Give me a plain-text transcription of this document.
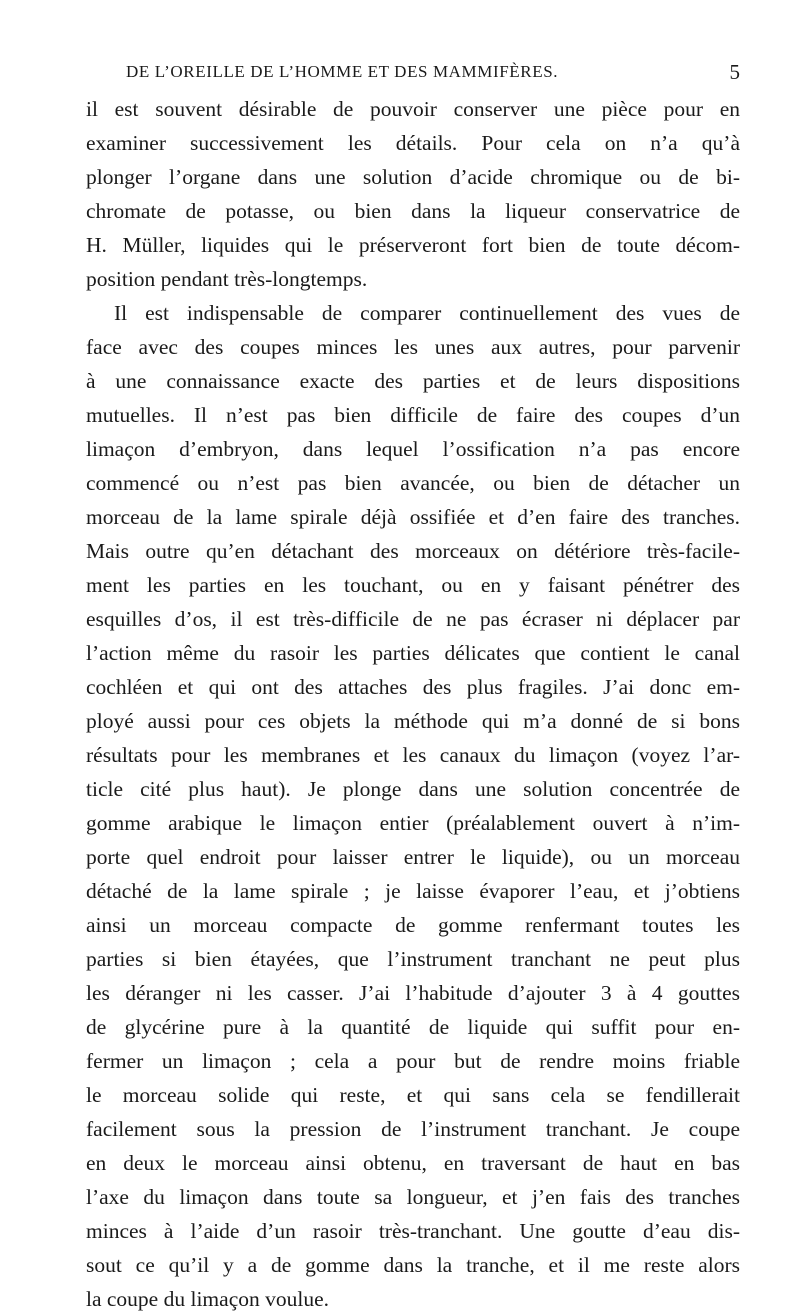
DE L’OREILLE DE L’HOMME ET DES MAMMIFÈRES.	5
il est souvent désirable de pouvoir conserver une pièce pour en
examiner successivement les détails. Pour cela on n’a qu’à
plonger l’organe dans une solution d’acide chromique ou de bi-
chromate de potasse, ou bien dans la liqueur conservatrice de
H. Müller, liquides qui le préserveront fort bien de toute décom-
position pendant très-longtemps.
Il est indispensable de comparer continuellement des vues de
face avec des coupes minces les unes aux autres, pour parvenir
à une connaissance exacte des parties et de leurs dispositions
mutuelles. Il n’est pas bien difficile de faire des coupes d’un
limaçon d’embryon, dans lequel l’ossification n’a pas encore
commencé ou n’est pas bien avancée, ou bien de détacher un
morceau de la lame spirale déjà ossifiée et d’en faire des tranches.
Mais outre qu’en détachant des morceaux on détériore très-facile-
ment les parties en les touchant, ou en y faisant pénétrer des
esquilles d’os, il est très-difficile de ne pas écraser ni déplacer par
l’action même du rasoir les parties délicates que contient le canal
cochléen et qui ont des attaches des plus fragiles. J’ai donc em-
ployé aussi pour ces objets la méthode qui m’a donné de si bons
résultats pour les membranes et les canaux du limaçon (voyez l’ar-
ticle cité plus haut). Je plonge dans une solution concentrée de
gomme arabique le limaçon entier (préalablement ouvert à n’im-
porte quel endroit pour laisser entrer le liquide), ou un morceau
détaché de la lame spirale ; je laisse évaporer l’eau, et j’obtiens
ainsi un morceau compacte de gomme renfermant toutes les
parties si bien étayées, que l’instrument tranchant ne peut plus
les déranger ni les casser. J’ai l’habitude d’ajouter 3 à 4 gouttes
de glycérine pure à la quantité de liquide qui suffit pour en-
fermer un limaçon ; cela a pour but de rendre moins friable
le morceau solide qui reste, et qui sans cela se fendillerait
facilement sous la pression de l’instrument tranchant. Je coupe
en deux le morceau ainsi obtenu, en traversant de haut en bas
l’axe du limaçon dans toute sa longueur, et j’en fais des tranches
minces à l’aide d’un rasoir très-tranchant. Une goutte d’eau dis-
sout ce qu’il y a de gomme dans la tranche, et il me reste alors
la coupe du limaçon voulue.
